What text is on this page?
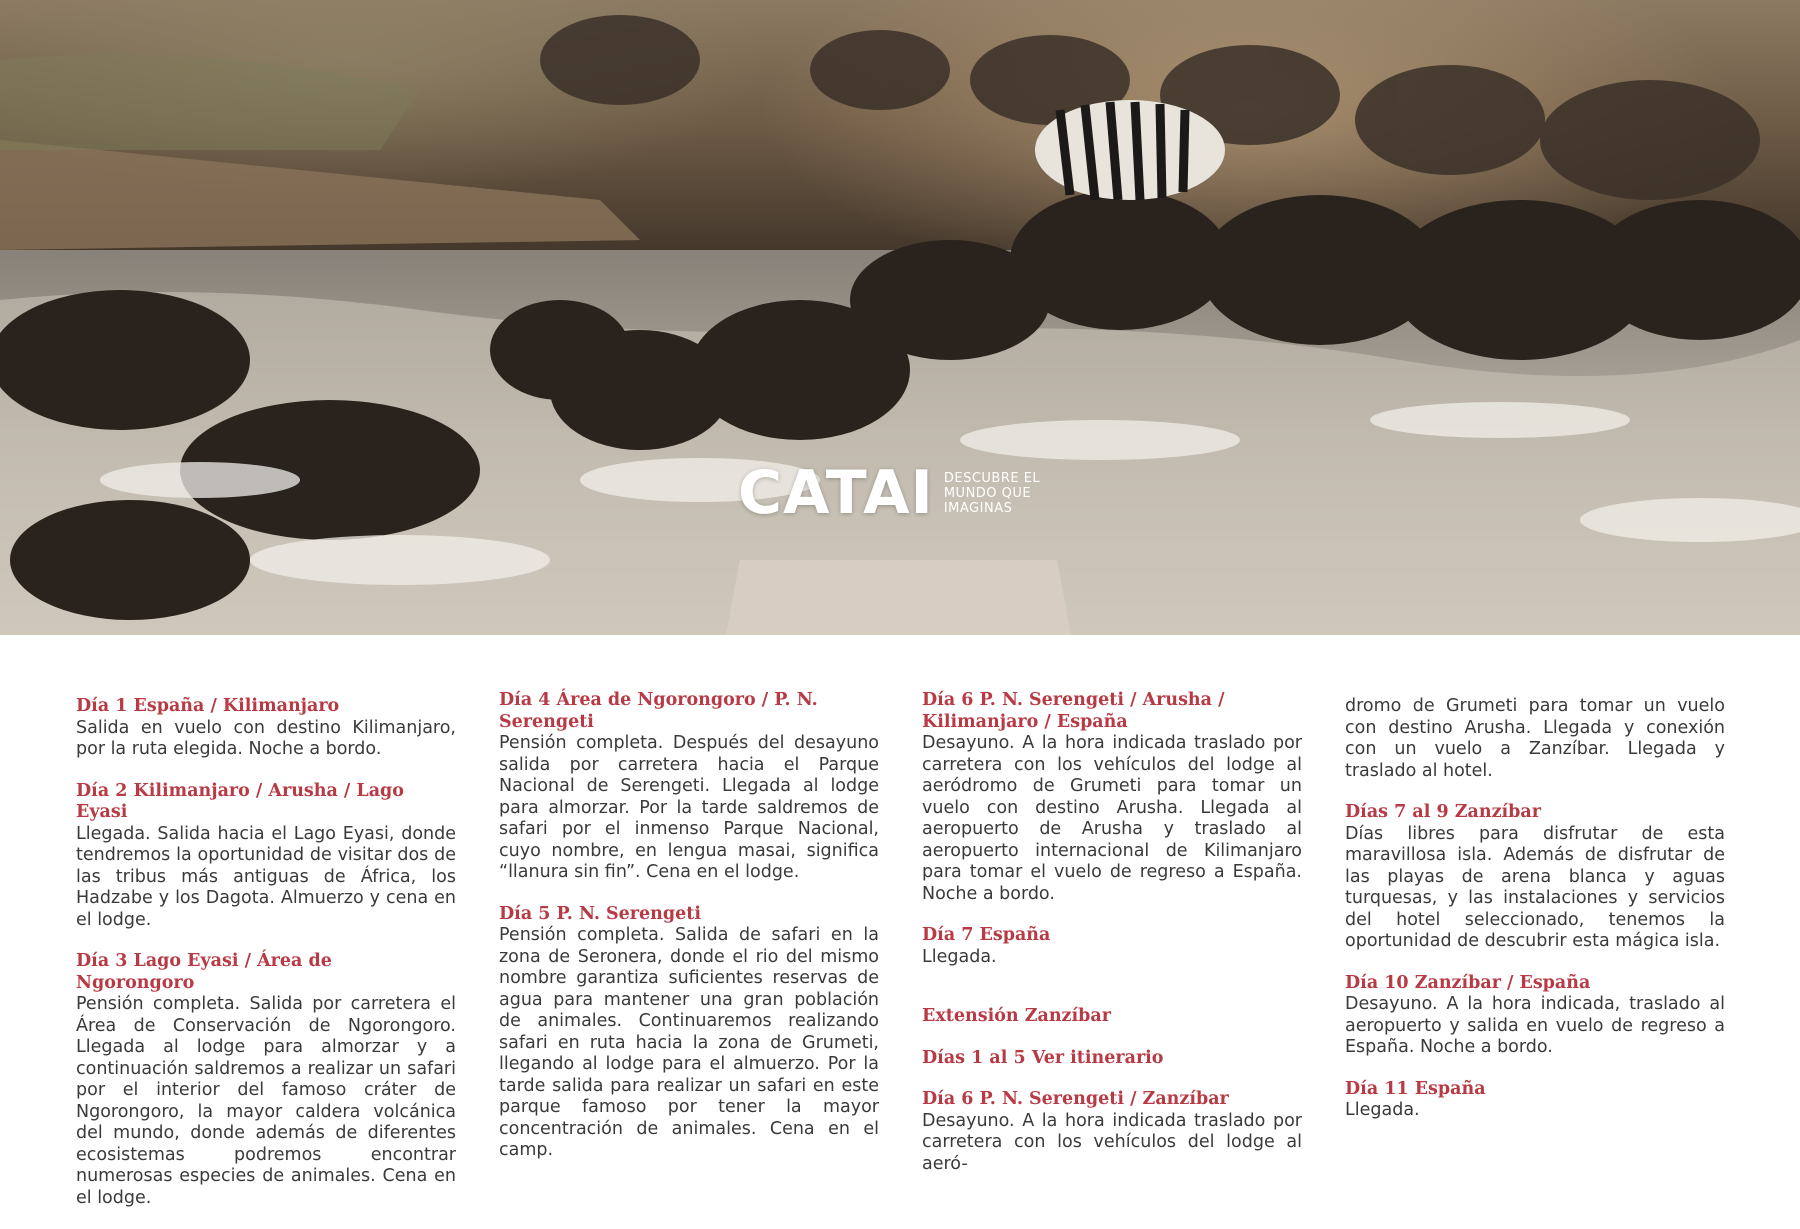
CATAI DESCUBRE EL
MUNDO QUE
IMAGINAS
Día 1 España / Kilimanjaro
Salida en vuelo con destino Kilimanjaro, por la ruta elegida. Noche a bordo.
Día 2 Kilimanjaro / Arusha / Lago Eyasi
Llegada. Salida hacia el Lago Eyasi, donde tendremos la oportunidad de visitar dos de las tribus más antiguas de África, los Hadzabe y los Dagota. Almuerzo y cena en el lodge.
Día 3 Lago Eyasi / Área de Ngorongoro
Pensión completa. Salida por carretera el Área de Conservación de Ngorongoro. Llegada al lodge para almorzar y a continuación saldremos a realizar un safari por el interior del famoso cráter de Ngorongoro, la mayor caldera volcánica del mundo, donde además de diferentes ecosistemas podremos encontrar numerosas especies de animales. Cena en el lodge.
Día 4 Área de Ngorongoro / P. N. Serengeti
Pensión completa. Después del desayuno salida por carretera hacia el Parque Nacional de Serengeti. Llegada al lodge para almorzar. Por la tarde saldremos de safari por el inmenso Parque Nacional, cuyo nombre, en lengua masai, significa “llanura sin fin”. Cena en el lodge.
Día 5 P. N. Serengeti
Pensión completa. Salida de safari en la zona de Seronera, donde el rio del mismo nombre garantiza suficientes reservas de agua para mantener una gran población de animales. Continuaremos realizando safari en ruta hacia la zona de Grumeti, llegando al lodge para el almuerzo. Por la tarde salida para realizar un safari en este parque famoso por tener la mayor concentración de animales. Cena en el camp.
Día 6 P. N. Serengeti / Arusha / Kilimanjaro / España
Desayuno. A la hora indicada traslado por carretera con los vehículos del lodge al aeródromo de Grumeti para tomar un vuelo con destino Arusha. Llegada al aeropuerto de Arusha y traslado al aeropuerto internacional de Kilimanjaro para tomar el vuelo de regreso a España. Noche a bordo.
Día 7 España
Llegada.
Extensión Zanzíbar
Días 1 al 5 Ver itinerario
Día 6 P. N. Serengeti / Zanzíbar
Desayuno. A la hora indicada traslado por carretera con los vehículos del lodge al aeró-
dromo de Grumeti para tomar un vuelo con destino Arusha. Llegada y conexión con un vuelo a Zanzíbar. Llegada y traslado al hotel.
Días 7 al 9 Zanzíbar
Días libres para disfrutar de esta maravillosa isla. Además de disfrutar de las playas de arena blanca y aguas turquesas, y las instalaciones y servicios del hotel seleccionado, tenemos la oportunidad de descubrir esta mágica isla.
Día 10 Zanzíbar / España
Desayuno. A la hora indicada, traslado al aeropuerto y salida en vuelo de regreso a España. Noche a bordo.
Día 11 España
Llegada.
